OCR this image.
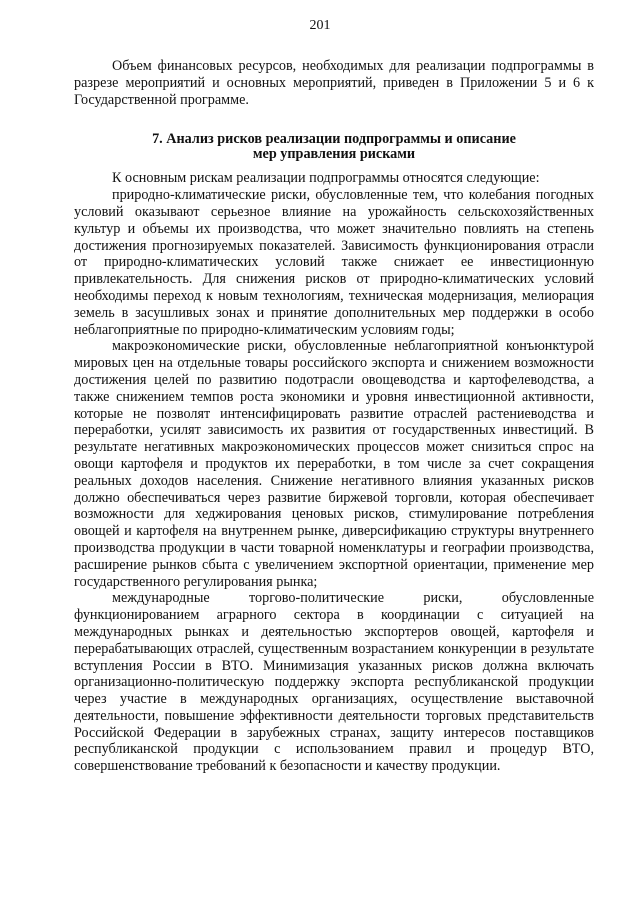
201

Объем финансовых ресурсов, необходимых для реализации подпрограммы в разрезе мероприятий и основных мероприятий, приведен в Приложении 5 и 6 к Государственной программе.

7. Анализ рисков реализации подпрограммы и описание
мер управления рисками

К основным рискам реализации подпрограммы относятся следующие:

природно-климатические риски, обусловленные тем, что колебания погодных условий оказывают серьезное влияние на урожайность сельскохозяйственных культур и объемы их производства, что может значительно повлиять на степень достижения прогнозируемых показателей. Зависимость функционирования отрасли от природно-климатических условий также снижает ее инвестиционную привлекательность. Для снижения рисков от природно-климатических условий необходимы переход к новым технологиям, техническая модернизация, мелиорация земель в засушливых зонах и принятие дополнительных мер поддержки в особо неблагоприятные по природно-климатическим условиям годы;

макроэкономические риски, обусловленные неблагоприятной конъюнктурой мировых цен на отдельные товары российского экспорта и снижением возможности достижения целей по развитию подотрасли овощеводства и картофелеводства, а также снижением темпов роста экономики и уровня инвестиционной активности, которые не позволят интенсифицировать развитие отраслей растениеводства и переработки, усилят зависимость их развития от государственных инвестиций. В результате негативных макроэкономических процессов может снизиться спрос на овощи картофеля и продуктов их переработки, в том числе за счет сокращения реальных доходов населения. Снижение негативного влияния указанных рисков должно обеспечиваться через развитие биржевой торговли, которая обеспечивает возможности для хеджирования ценовых рисков, стимулирование потребления овощей и картофеля на внутреннем рынке, диверсификацию структуры внутреннего производства продукции в части товарной номенклатуры и географии производства, расширение рынков сбыта с увеличением экспортной ориентации, применение мер государственного регулирования рынка;

международные торгово-политические риски, обусловленные функционированием аграрного сектора в координации с ситуацией на международных рынках и деятельностью экспортеров овощей, картофеля и перерабатывающих отраслей, существенным возрастанием конкуренции в результате вступления России в ВТО. Минимизация указанных рисков должна включать организационно-политическую поддержку экспорта республиканской продукции через участие в международных организациях, осуществление выставочной деятельности, повышение эффективности деятельности торговых представительств Российской Федерации в зарубежных странах, защиту интересов поставщиков республиканской продукции с использованием правил и процедур ВТО, совершенствование требований к безопасности и качеству продукции.
